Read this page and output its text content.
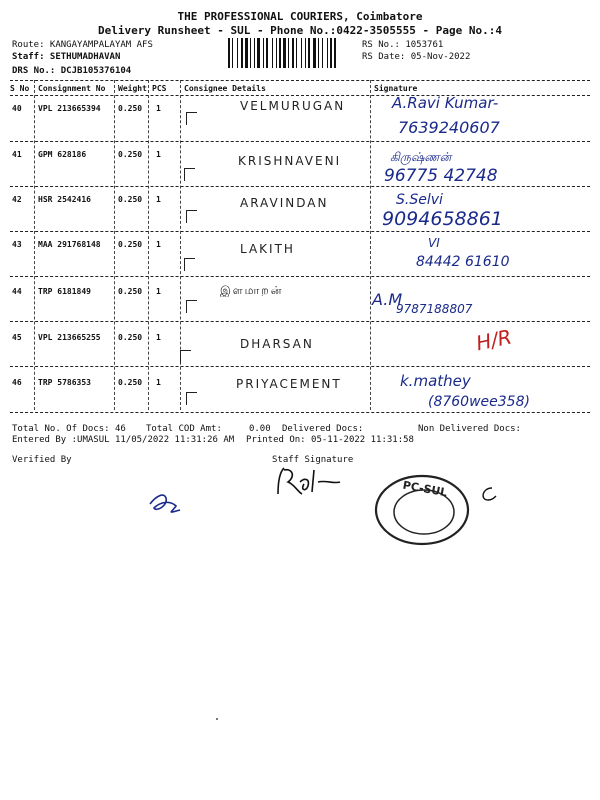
THE PROFESSIONAL COURIERS, Coimbatore
Delivery Runsheet - SUL - Phone No.:0422-3505555 - Page No.:4
Route: KANGAYAMPALAYAM AFS
Staff: SETHUMADHAVAN
DRS No.: DCJB105376104
RS No.: 1053761
RS Date: 05-Nov-2022
S No Consignment No Weight PCS Consignee Details	Signature
40 VPL 213665394 0.250 1	VELMURUGAN	A.Ravi Kumar-
7639240607
41 GPM 628186	0.250 1	KRISHNAVENI	கிருஷ்ணன்
96775 42748
42 HSR 2542416	0.250 1	ARAVINDAN	S.Selvi
9094658861
43 MAA 291768148 0.250 1	LAKITH	VI
84442 61610
44 TRP 6181849	0.250 1	இளமாறன்	A.M
9787188807
45 VPL 213665255 0.250 1	DHARSAN	H/R
46 TRP 5786353	0.250 1	PRIYACEMENT	k.mathey
(8760wee358)
Total No. Of Docs: 46 Total COD Amt:     0.00 Delivered Docs:	Non Delivered Docs:
Entered By :UMASUL 11/05/2022 11:31:26 AM Printed On: 05-11-2022 11:31:58
Verified By	Staff Signature
PC-SUL
